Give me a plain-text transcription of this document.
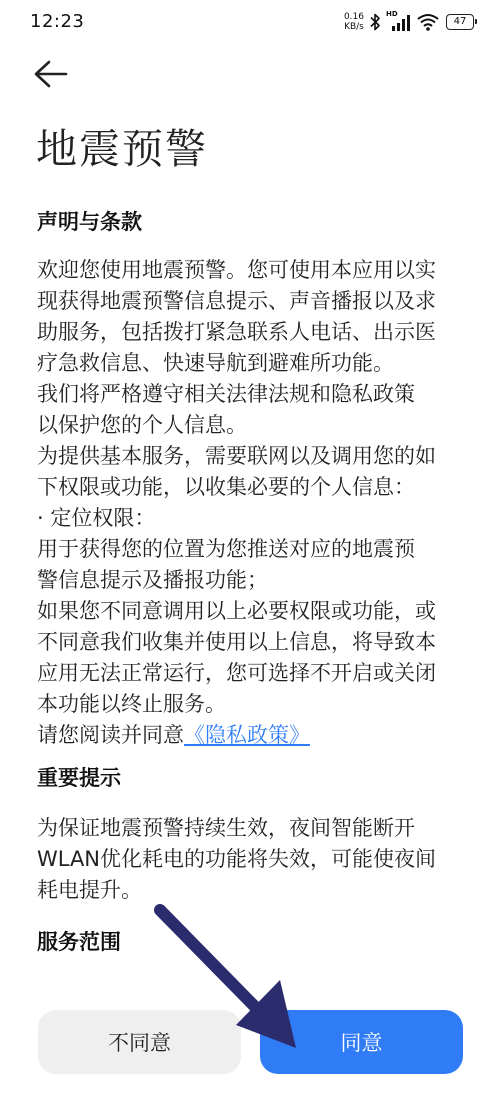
12:23	0.16
KB/s
HD
47
地震预警
声明与条款

欢迎您使用地震预警。您可使用本应用以实

现获得地震预警信息提示、声音播报以及求

助服务，包括拨打紧急联系人电话、出示医

疗急救信息、快速导航到避难所功能。

我们将严格遵守相关法律法规和隐私政策

以保护您的个人信息。

为提供基本服务，需要联网以及调用您的如

下权限或功能，以收集必要的个人信息：

· 定位权限：

用于获得您的位置为您推送对应的地震预

警信息提示及播报功能；

如果您不同意调用以上必要权限或功能，或

不同意我们收集并使用以上信息，将导致本

应用无法正常运行，您可选择不开启或关闭

本功能以终止服务。

请您阅读并同意《隐私政策》

重要提示

为保证地震预警持续生效，夜间智能断开

WLAN优化耗电的功能将失效，可能使夜间

耗电提升。

服务范围
不同意	同意
Bai 经验
